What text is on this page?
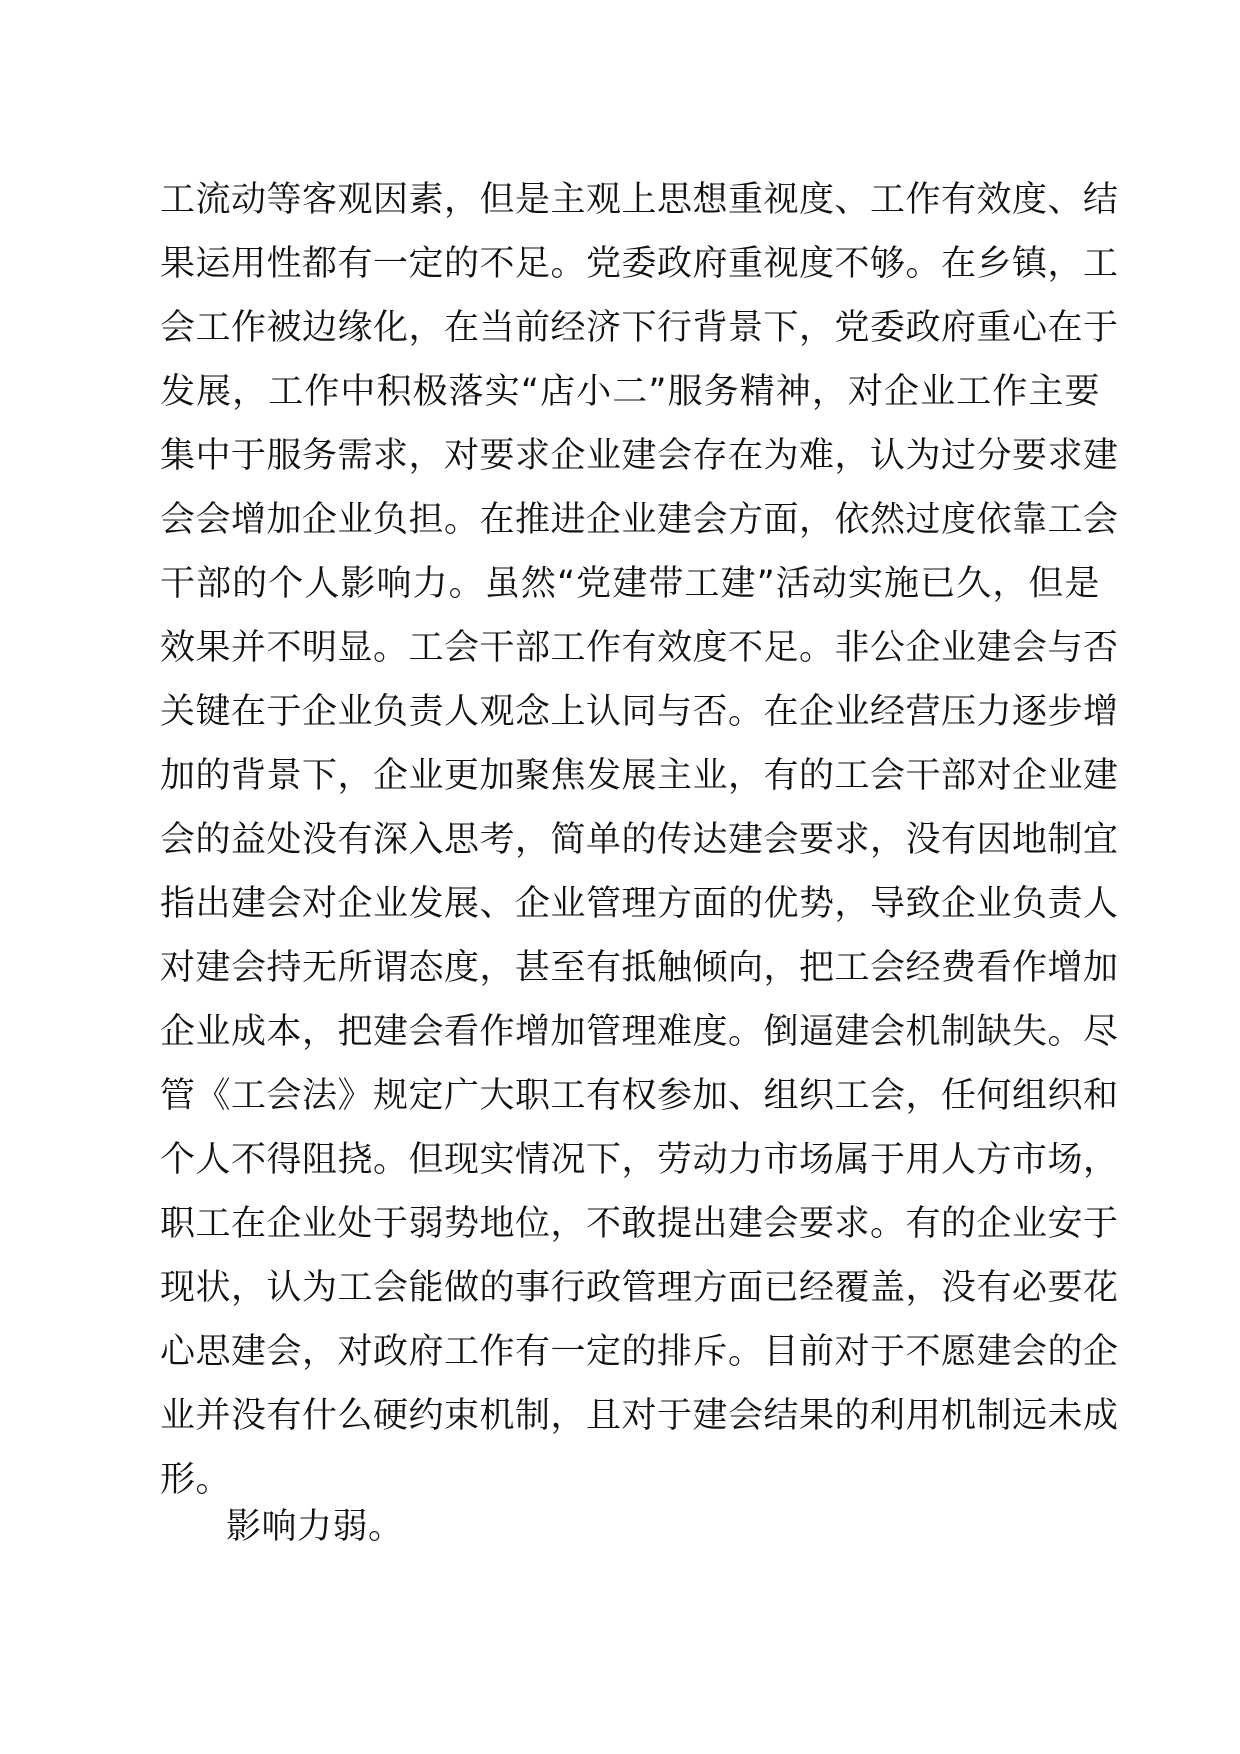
工流动等客观因素，但是主观上思想重视度、工作有效度、结
果运用性都有一定的不足。党委政府重视度不够。在乡镇，工
会工作被边缘化，在当前经济下行背景下，党委政府重心在于
发展，工作中积极落实“店小二”服务精神，对企业工作主要
集中于服务需求，对要求企业建会存在为难，认为过分要求建
会会增加企业负担。在推进企业建会方面，依然过度依靠工会
干部的个人影响力。虽然“党建带工建”活动实施已久，但是
效果并不明显。工会干部工作有效度不足。非公企业建会与否
关键在于企业负责人观念上认同与否。在企业经营压力逐步增
加的背景下，企业更加聚焦发展主业，有的工会干部对企业建
会的益处没有深入思考，简单的传达建会要求，没有因地制宜
指出建会对企业发展、企业管理方面的优势，导致企业负责人
对建会持无所谓态度，甚至有抵触倾向，把工会经费看作增加
企业成本，把建会看作增加管理难度。倒逼建会机制缺失。尽
管《工会法》规定广大职工有权参加、组织工会，任何组织和
个人不得阻挠。但现实情况下，劳动力市场属于用人方市场，
职工在企业处于弱势地位，不敢提出建会要求。有的企业安于
现状，认为工会能做的事行政管理方面已经覆盖，没有必要花
心思建会，对政府工作有一定的排斥。目前对于不愿建会的企
业并没有什么硬约束机制，且对于建会结果的利用机制远未成
形。
影响力弱。
